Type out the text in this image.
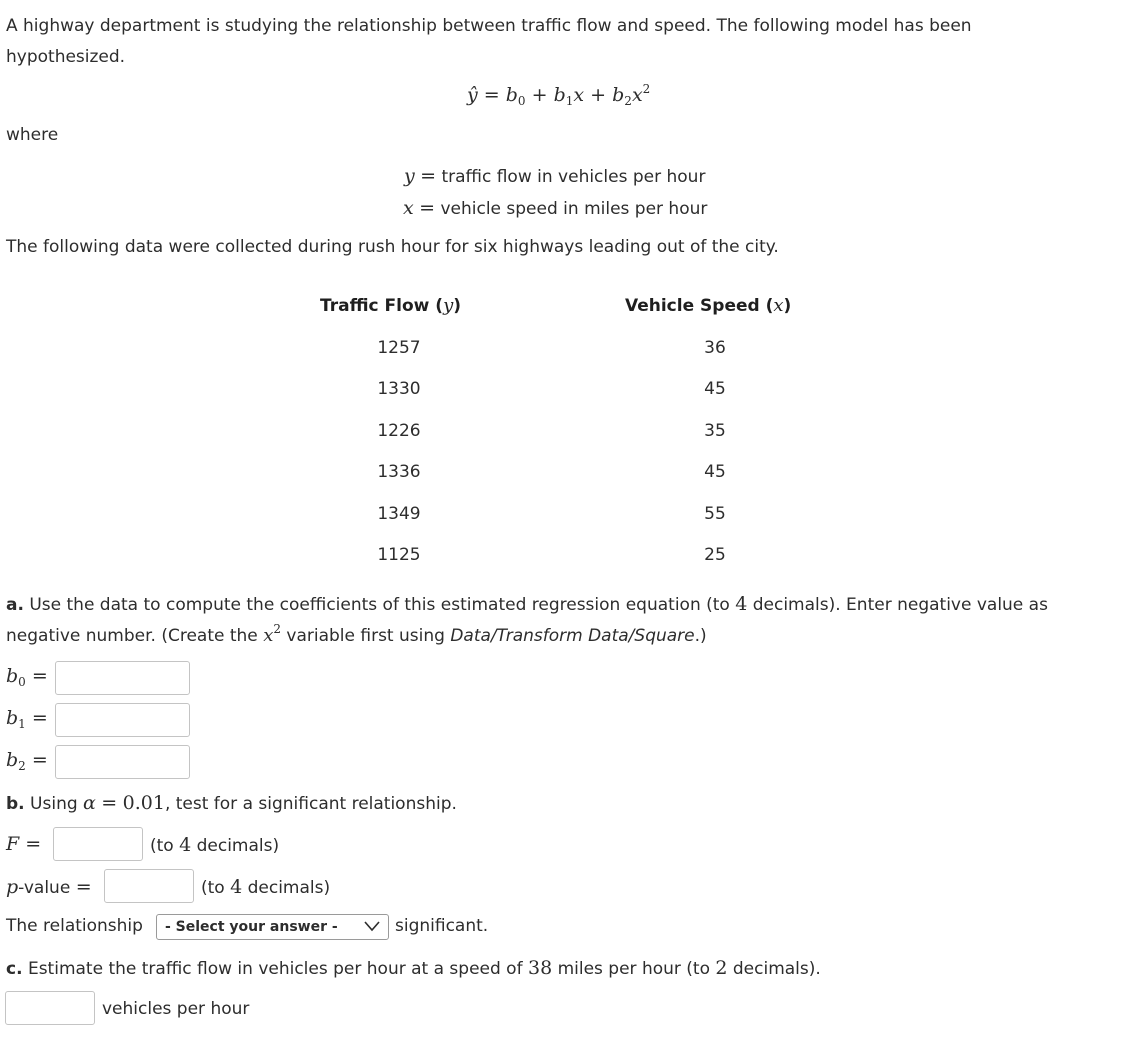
A highway department is studying the relationship between traffic flow and speed. The following model has been
hypothesized.
ŷ = $b_0 + b_1x + b_2x^2$
where
y = traffic flow in vehicles per hour
x = vehicle speed in miles per hour
The following data were collected during rush hour for six highways leading out of the city.
Traffic Flow (y)	Vehicle Speed (x)
1257	36
1330	45
1226	35
1336	45
1349	55
1125	25
a. Use the data to compute the coefficients of this estimated regression equation (to 4 decimals). Enter negative value as
negative number. (Create the $x^2$ variable first using Data/Transform Data/Square.)
$b_0$ =
$b_1$ =
$b_2$ =
b. Using α = 0.01, test for a significant relationship.
F =	(to 4 decimals)
p-value =	(to 4 decimals)
The relationship - Select your answer -	significant.
c. Estimate the traffic flow in vehicles per hour at a speed of 38 miles per hour (to 2 decimals).
vehicles per hour
